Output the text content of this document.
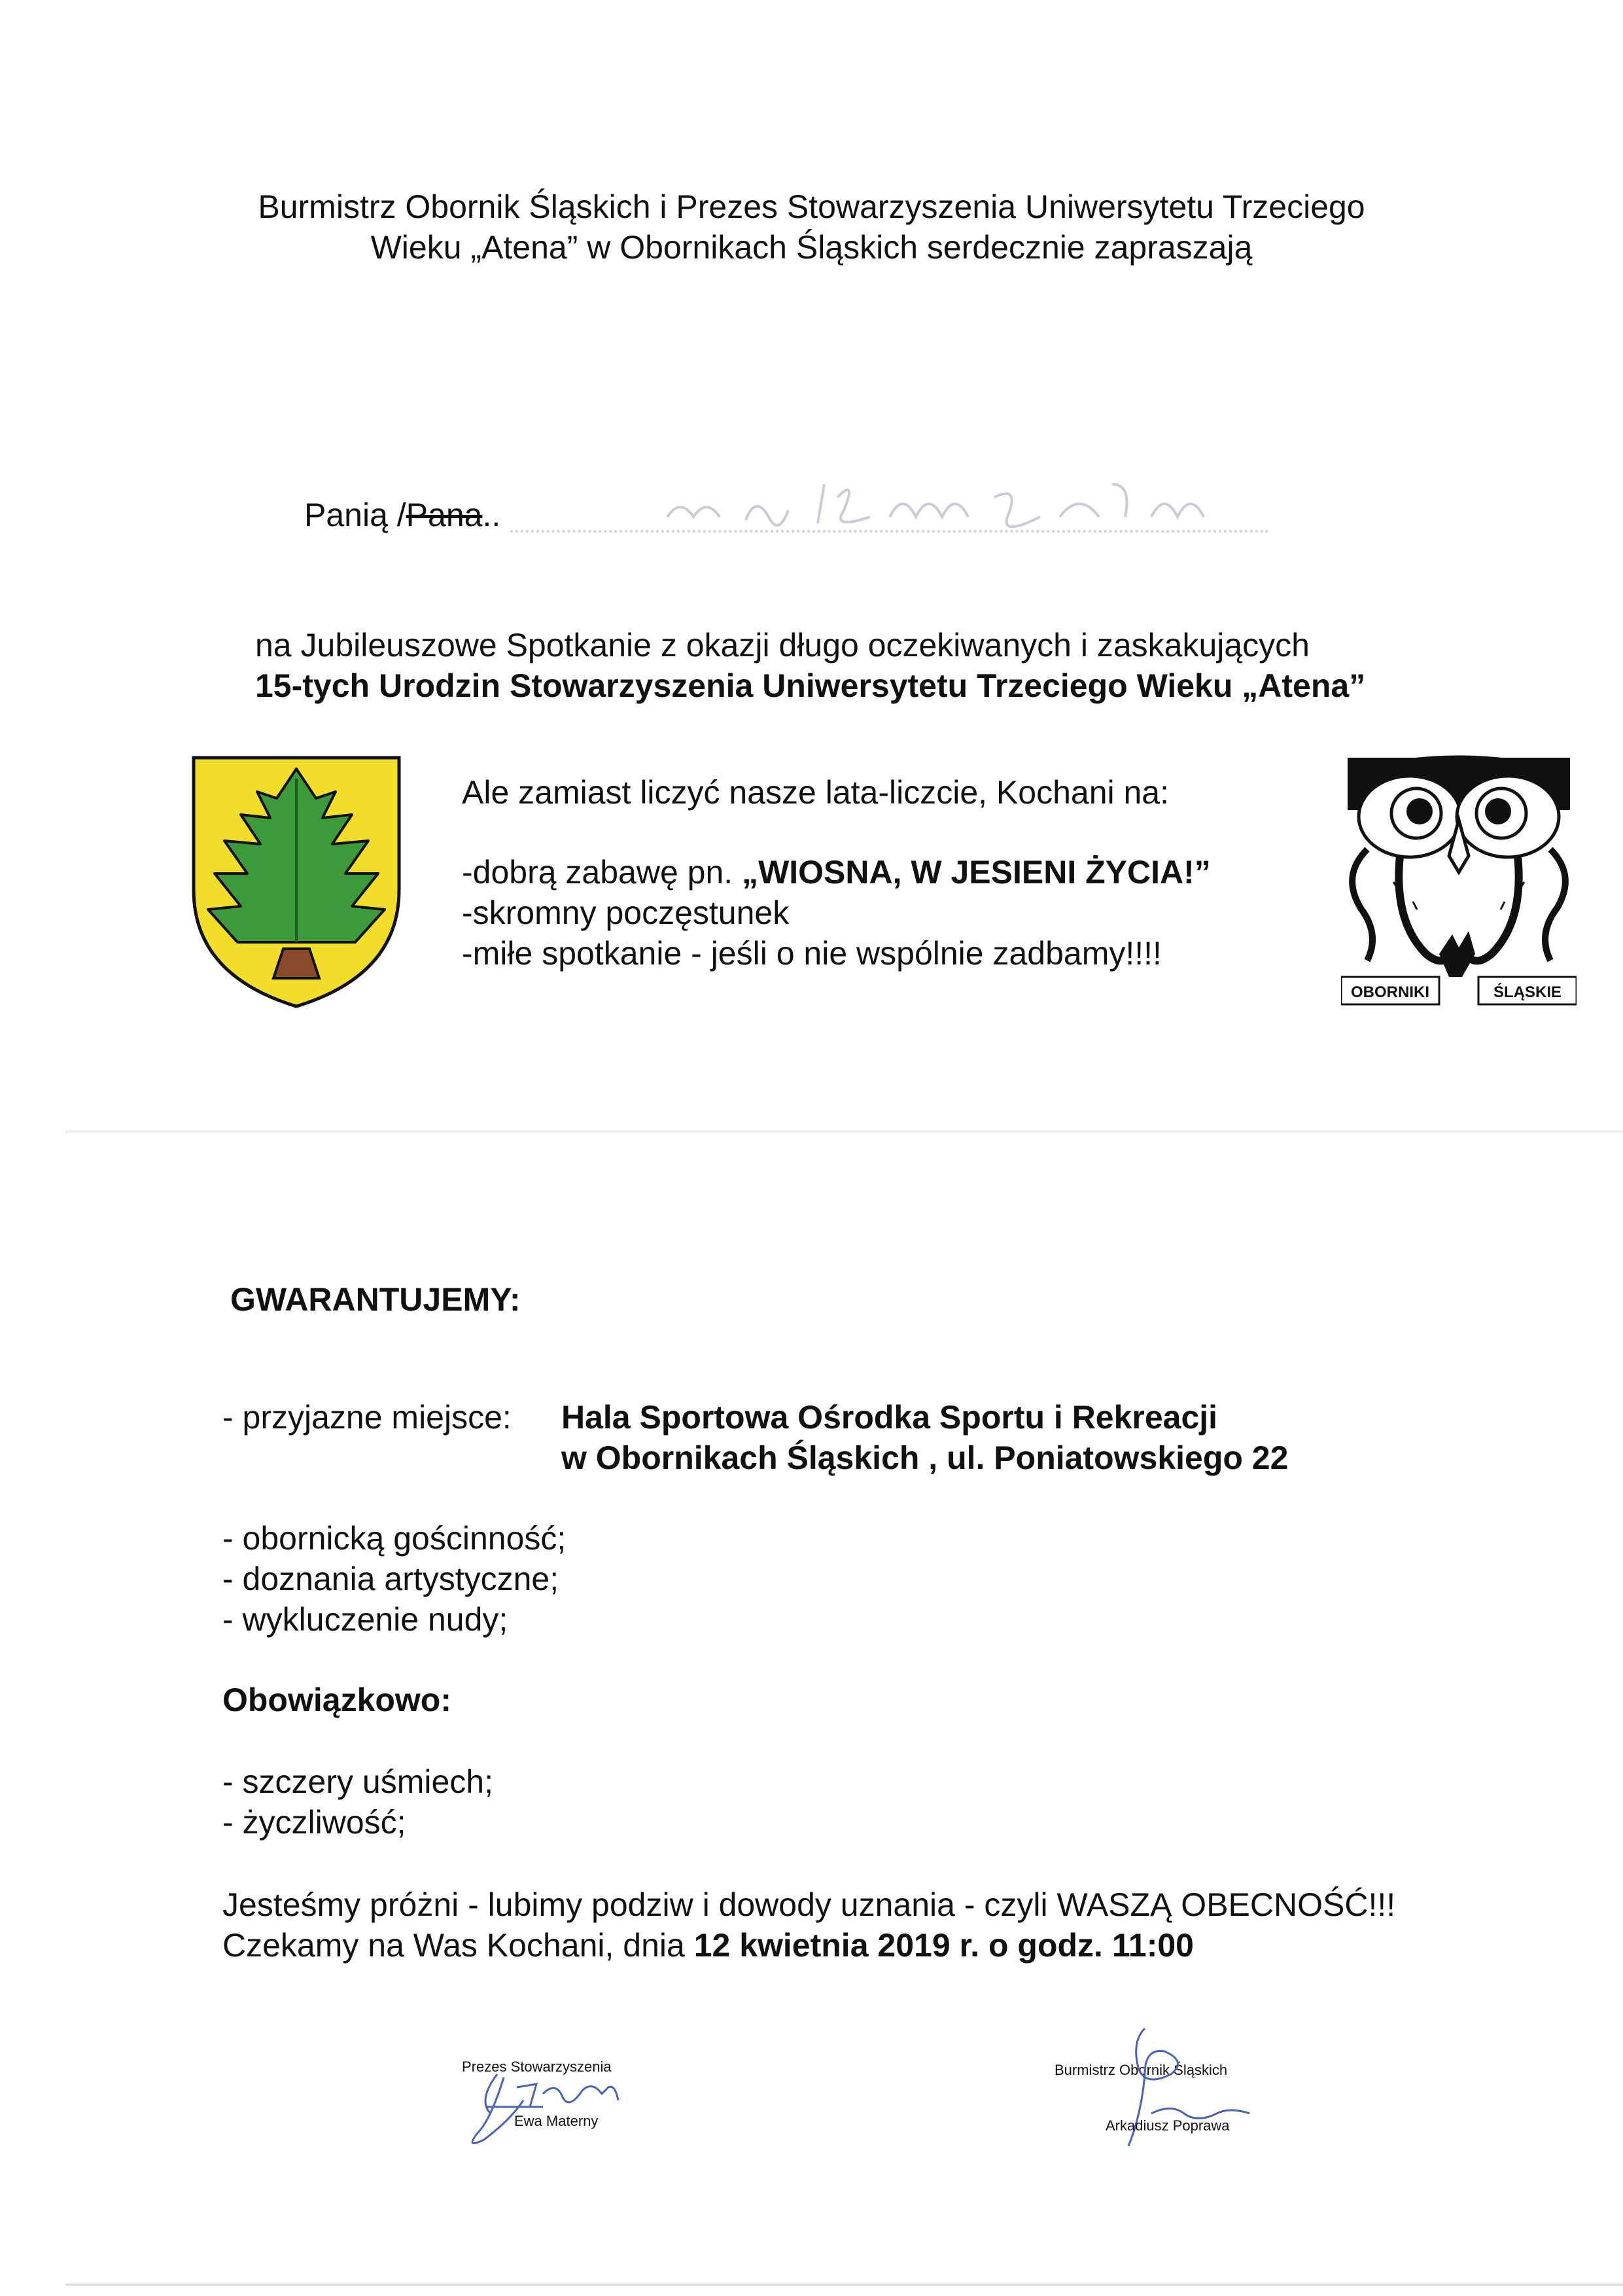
Burmistrz Obornik Śląskich i Prezes Stowarzyszenia Uniwersytetu Trzeciego
Wieku „Atena” w Obornikach Śląskich serdecznie zapraszają
Panią /Pana..
na Jubileuszowe Spotkanie z okazji długo oczekiwanych i zaskakujących
15-tych Urodzin Stowarzyszenia Uniwersytetu Trzeciego Wieku „Atena”
Ale zamiast liczyć nasze lata-liczcie, Kochani na:
-dobrą zabawę pn. „WIOSNA, W JESIENI ŻYCIA!”
-skromny poczęstunek
-miłe spotkanie - jeśli o nie wspólnie zadbamy!!!!
OBORNIKI	ŚLĄSKIE
GWARANTUJEMY:
- przyjazne miejsce: Hala Sportowa Ośrodka Sportu i Rekreacji
w Obornikach Śląskich , ul. Poniatowskiego 22
- obornicką gościnność;
- doznania artystyczne;
- wykluczenie nudy;
Obowiązkowo:
- szczery uśmiech;
- życzliwość;
Jesteśmy próżni - lubimy podziw i dowody uznania - czyli WASZĄ OBECNOŚĆ!!!
Czekamy na Was Kochani, dnia 12 kwietnia 2019 r. o godz. 11:00
Prezes Stowarzyszenia
Ewa Materny
Burmistrz Obornik Śląskich
Arkadiusz Poprawa
